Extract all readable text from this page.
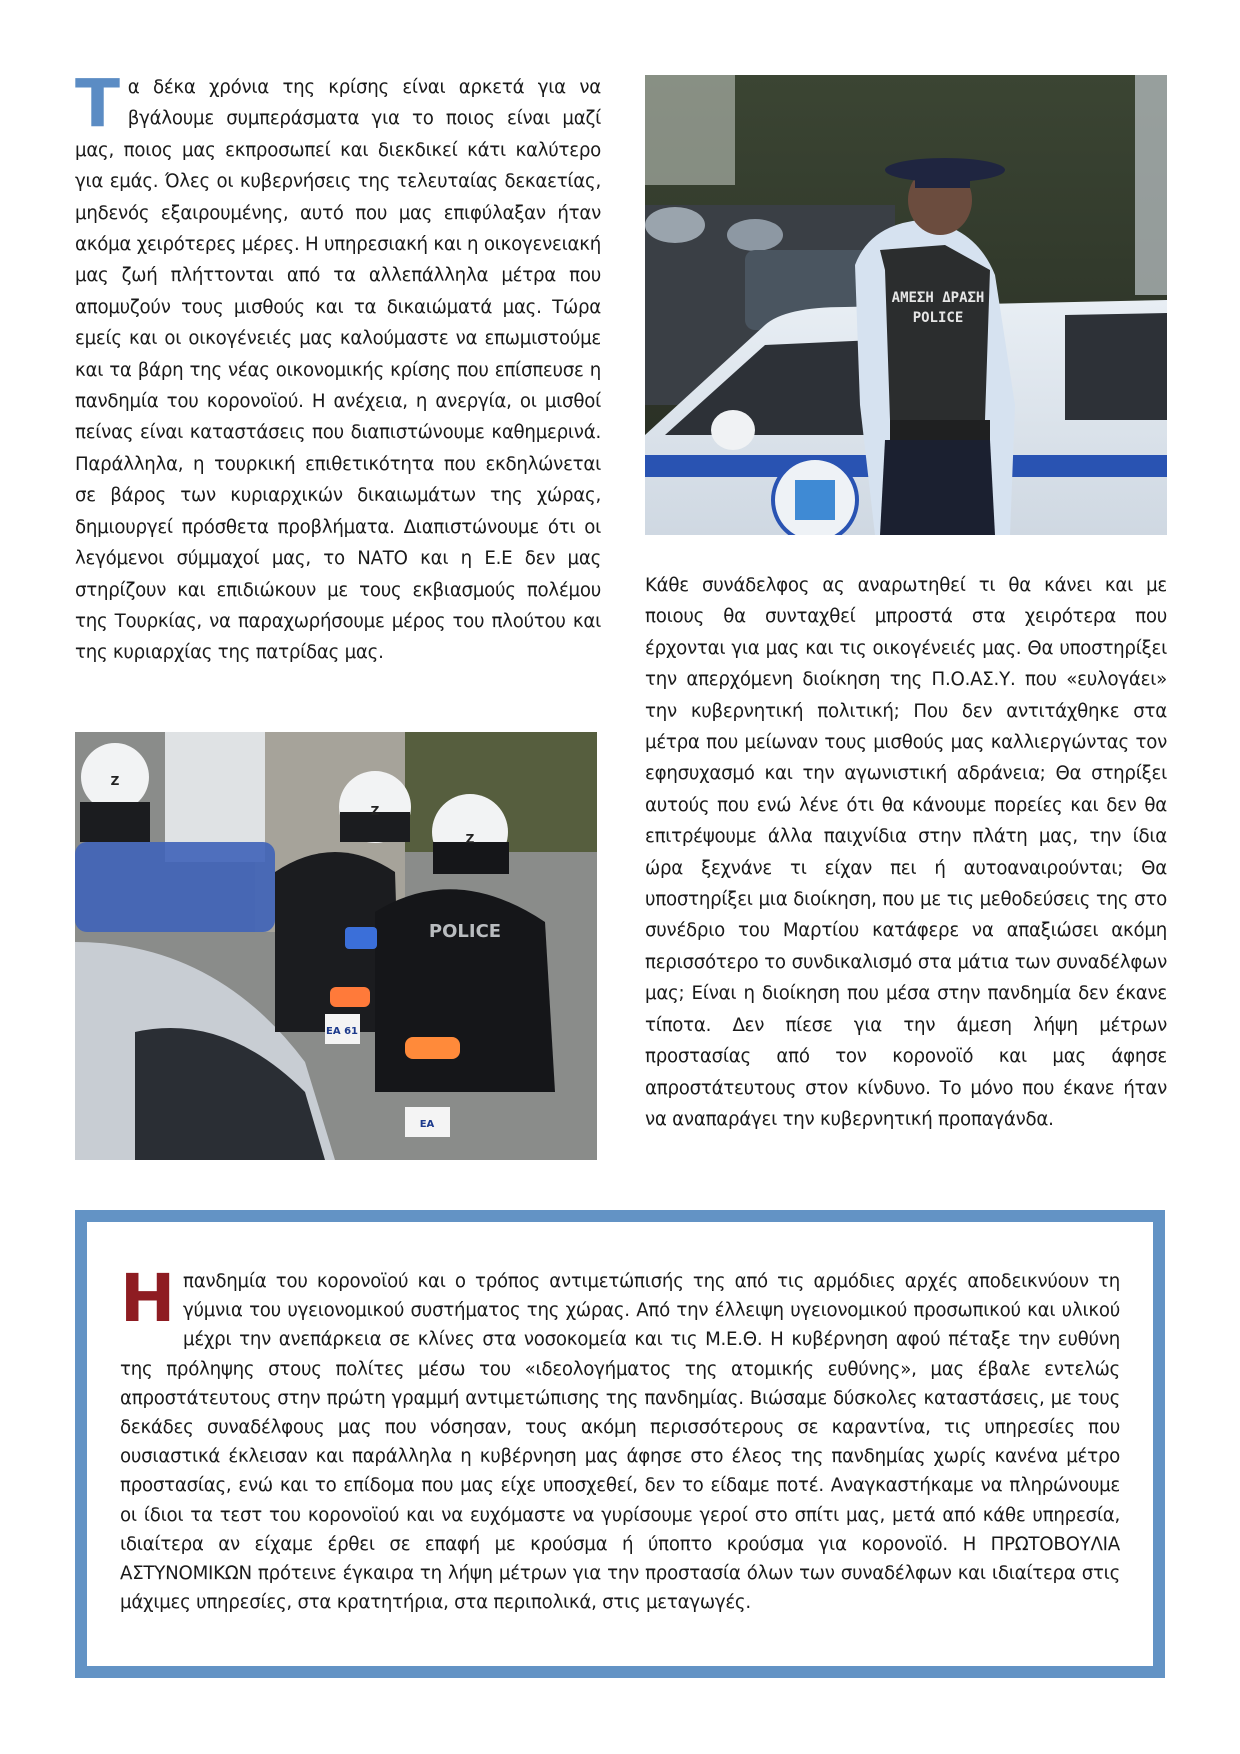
Τα δέκα χρόνια της κρίσης είναι αρκετά για να βγάλουμε συμπεράσματα για το ποιος είναι μαζί μας, ποιος μας εκπροσωπεί και διεκδικεί κάτι καλύτερο για εμάς. Όλες οι κυβερνήσεις της τελευταίας δεκαετίας, μηδενός εξαιρουμένης, αυτό που μας επιφύλαξαν ήταν ακόμα χειρότερες μέρες. Η υπηρεσιακή και η οικογενειακή μας ζωή πλήττονται από τα αλλεπάλληλα μέτρα που απομυζούν τους μισθούς και τα δικαιώματά μας. Τώρα εμείς και οι οικογένειές μας καλούμαστε να επωμιστούμε και τα βάρη της νέας οικονομικής κρίσης που επίσπευσε η πανδημία του κορονοϊού. Η ανέχεια, η ανεργία, οι μισθοί πείνας είναι καταστάσεις που διαπιστώνουμε καθημερινά. Παράλληλα, η τουρκική επιθετικότητα που εκδηλώνεται σε βάρος των κυριαρχικών δικαιωμάτων της χώρας, δημιουργεί πρόσθετα προβλήματα. Διαπιστώνουμε ότι οι λεγόμενοι σύμμαχοί μας, το ΝΑΤΟ και η Ε.Ε δεν μας στηρίζουν και επιδιώκουν με τους εκβιασμούς πολέμου της Τουρκίας, να παραχωρήσουμε μέρος του πλούτου και της κυριαρχίας της πατρίδας μας.

ΑΜΕΣΗ ΔΡΑΣΗ
POLICE

Κάθε συνάδελφος ας αναρωτηθεί τι θα κάνει και με ποιους θα συνταχθεί μπροστά στα χειρότερα που έρχονται για μας και τις οικογένειές μας. Θα υποστηρίξει την απερχόμενη διοίκηση της Π.Ο.ΑΣ.Υ. που «ευλογάει» την κυβερνητική πολιτική; Που δεν αντιτάχθηκε στα μέτρα που μείωναν τους μισθούς μας καλλιεργώντας τον εφησυχασμό και την αγωνιστική αδράνεια; Θα στηρίξει αυτούς που ενώ λένε ότι θα κάνουμε πορείες και δεν θα επιτρέψουμε άλλα παιχνίδια στην πλάτη μας, την ίδια ώρα ξεχνάνε τι είχαν πει ή αυτοαναιρούνται; Θα υποστηρίξει μια διοίκηση, που με τις μεθοδεύσεις της στο συνέδριο του Μαρτίου κατάφερε να απαξιώσει ακόμη περισσότερο το συνδικαλισμό στα μάτια των συναδέλφων μας; Είναι η διοίκηση που μέσα στην πανδημία δεν έκανε τίποτα. Δεν πίεσε για την άμεση λήψη μέτρων προστασίας από τον κορονοϊό και μας άφησε απροστάτευτους στον κίνδυνο. Το μόνο που έκανε ήταν να αναπαράγει την κυβερνητική προπαγάνδα.

POLICE
Z
Z
Z
ΕΑ 61
ΕΑ

Ηπανδημία του κορονοϊού και ο τρόπος αντιμετώπισής της από τις αρμόδιες αρχές αποδεικνύουν τη γύμνια του υγειονομικού συστήματος της χώρας. Από την έλλειψη υγειονομικού προσωπικού και υλικού μέχρι την ανεπάρκεια σε κλίνες στα νοσοκομεία και τις Μ.Ε.Θ. Η κυβέρνηση αφού πέταξε την ευθύνη της πρόληψης στους πολίτες μέσω του «ιδεολογήματος της ατομικής ευθύνης», μας έβαλε εντελώς απροστάτευτους στην πρώτη γραμμή αντιμετώπισης της πανδημίας. Βιώσαμε δύσκολες καταστάσεις, με τους δεκάδες συναδέλφους μας που νόσησαν, τους ακόμη περισσότερους σε καραντίνα, τις υπηρεσίες που ουσιαστικά έκλεισαν και παράλληλα η κυβέρνηση μας άφησε στο έλεος της πανδημίας χωρίς κανένα μέτρο προστασίας, ενώ και το επίδομα που μας είχε υποσχεθεί, δεν το είδαμε ποτέ. Αναγκαστήκαμε να πληρώνουμε οι ίδιοι τα τεστ του κορονοϊού και να ευχόμαστε να γυρίσουμε γεροί στο σπίτι μας, μετά από κάθε υπηρεσία, ιδιαίτερα αν είχαμε έρθει σε επαφή με κρούσμα ή ύποπτο κρούσμα για κορονοϊό. Η ΠΡΩΤΟΒΟΥΛΙΑ ΑΣΤΥΝΟΜΙΚΩΝ πρότεινε έγκαιρα τη λήψη μέτρων για την προστασία όλων των συναδέλφων και ιδιαίτερα στις μάχιμες υπηρεσίες, στα κρατητήρια, στα περιπολικά, στις μεταγωγές.
